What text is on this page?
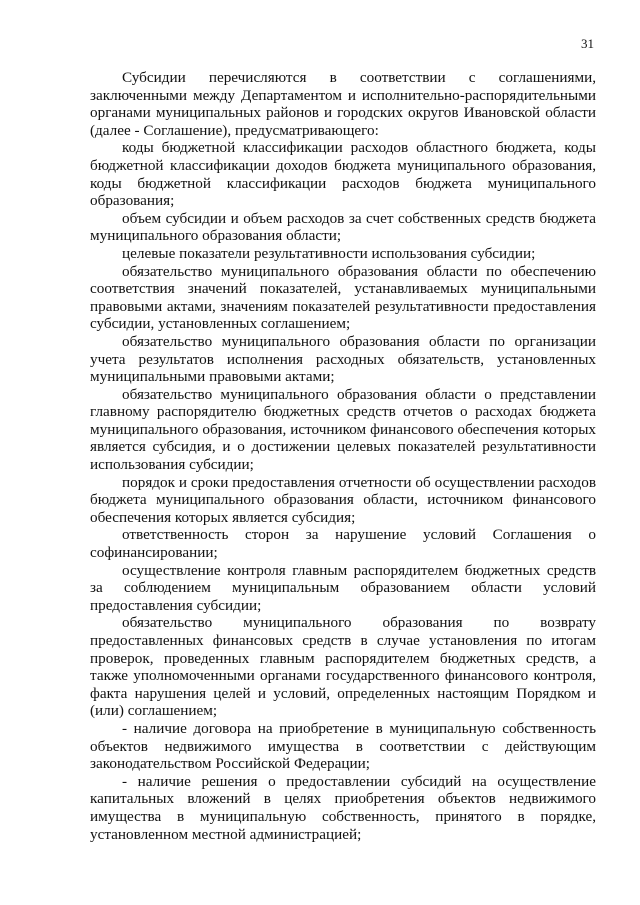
31

Субсидии перечисляются в соответствии с соглашениями, заключенными между Департаментом и исполнительно-распорядительными органами муниципальных районов и городских округов Ивановской области (далее - Соглашение), предусматривающего:

коды бюджетной классификации расходов областного бюджета, коды бюджетной классификации доходов бюджета муниципального образования, коды бюджетной классификации расходов бюджета муниципального образования;

объем субсидии и объем расходов за счет собственных средств бюджета муниципального образования области;

целевые показатели результативности использования субсидии;

обязательство муниципального образования области по обеспечению соответствия значений показателей, устанавливаемых муниципальными правовыми актами, значениям показателей результативности предоставления субсидии, установленных соглашением;

обязательство муниципального образования области по организации учета результатов исполнения расходных обязательств, установленных муниципальными правовыми актами;

обязательство муниципального образования области о представлении главному распорядителю бюджетных средств отчетов о расходах бюджета муниципального образования, источником финансового обеспечения которых является субсидия, и о достижении целевых показателей результативности использования субсидии;

порядок и сроки предоставления отчетности об осуществлении расходов бюджета муниципального образования области, источником финансового обеспечения которых является субсидия;

ответственность сторон за нарушение условий Соглашения о софинансировании;

осуществление контроля главным распорядителем бюджетных средств за соблюдением муниципальным образованием области условий предоставления субсидии;

обязательство муниципального образования по возврату предоставленных финансовых средств в случае установления по итогам проверок, проведенных главным распорядителем бюджетных средств, а также уполномоченными органами государственного финансового контроля, факта нарушения целей и условий, определенных настоящим Порядком и (или) соглашением;

- наличие договора на приобретение в муниципальную собственность объектов недвижимого имущества в соответствии с действующим законодательством Российской Федерации;

- наличие решения о предоставлении субсидий на осуществление капитальных вложений в целях приобретения объектов недвижимого имущества в муниципальную собственность, принятого в порядке, установленном местной администрацией;
